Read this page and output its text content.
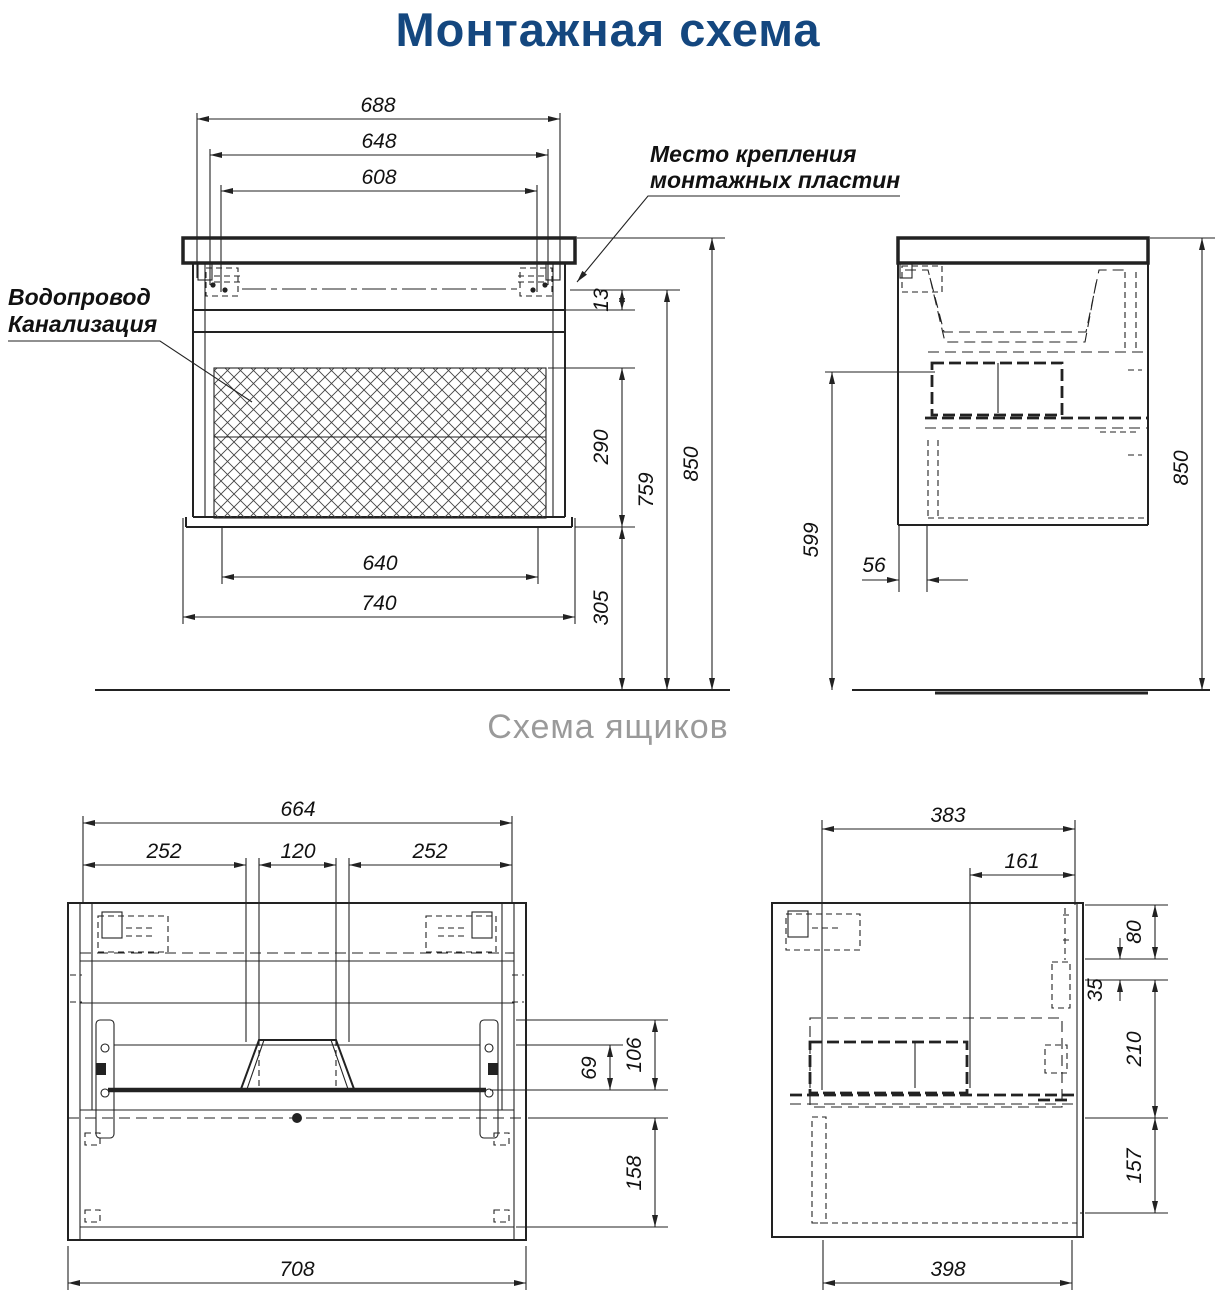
Монтажная схема
Схема ящиков
688
648
608
640
740
13
290
305
759
850
Место крепления
монтажных пластин
Водопровод
Канализация
599
56
850
664
252	120	252
106
69
158
708
383
161
80
35
210
157
398
